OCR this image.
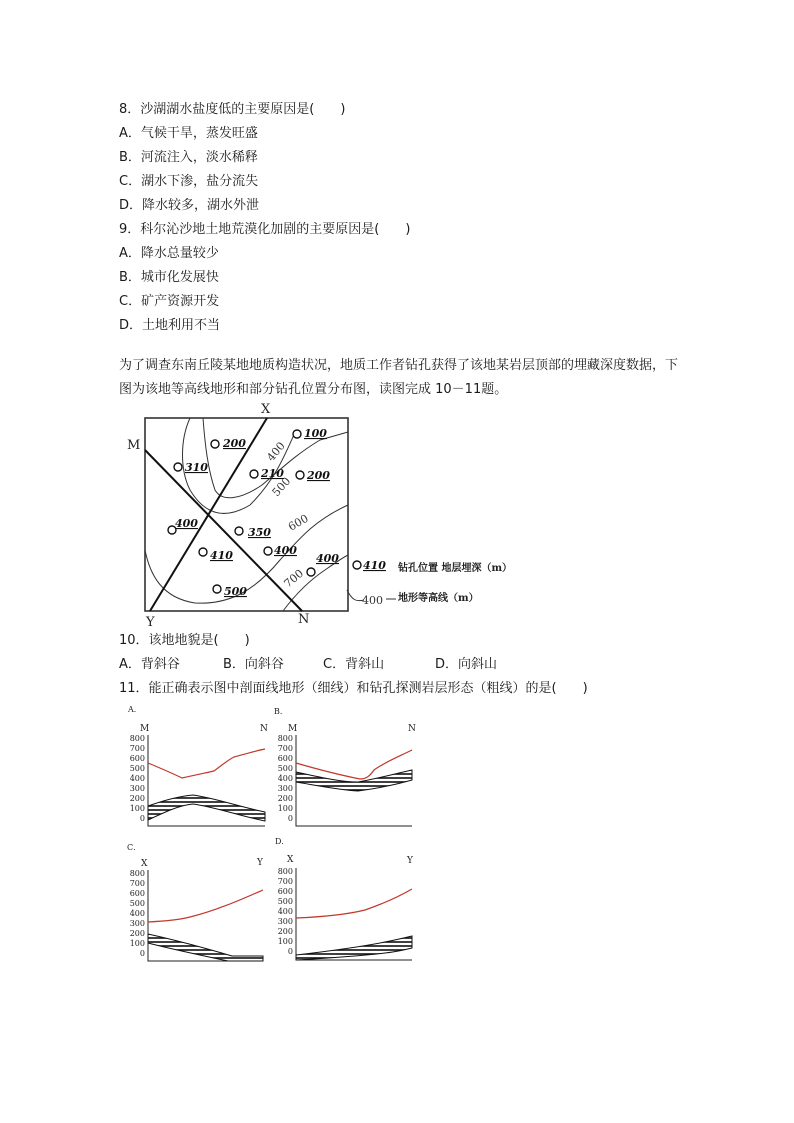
8．沙湖湖水盐度低的主要原因是(　　)
A．气候干旱，蒸发旺盛
B．河流注入，淡水稀释
C．湖水下渗，盐分流失
D．降水较多，湖水外泄
9．科尔沁沙地土地荒漠化加剧的主要原因是(　　)
A．降水总量较少
B．城市化发展快
C．矿产资源开发
D．土地利用不当
为了调查东南丘陵某地地质构造状况，地质工作者钻孔获得了该地某岩层顶部的埋藏深度数据，下图为该地等高线地形和部分钻孔位置分布图，读图完成 10－11题。
400
500
600
700
X
M
Y	N
100
200
310	210 200
400
350
410	400
400
500
410 钻孔位置 地层埋深（m）
400 地形等高线（m）
10．该地地貌是(　　)
A．背斜谷	B．向斜谷	C．背斜山	D．向斜山
11．能正确表示图中剖面线地形（细线）和钻孔探测岩层形态（粗线）的是(　　)
A．
M	N
800
700
600
500
400
300
200
100
0
B．
M	N
800
700
600
500
400
300
200
100
0
C．
X	Y
800
700
600
500
400
300
200
100
0
D．
X	Y
800
700
600
500
400
300
200
100
0
